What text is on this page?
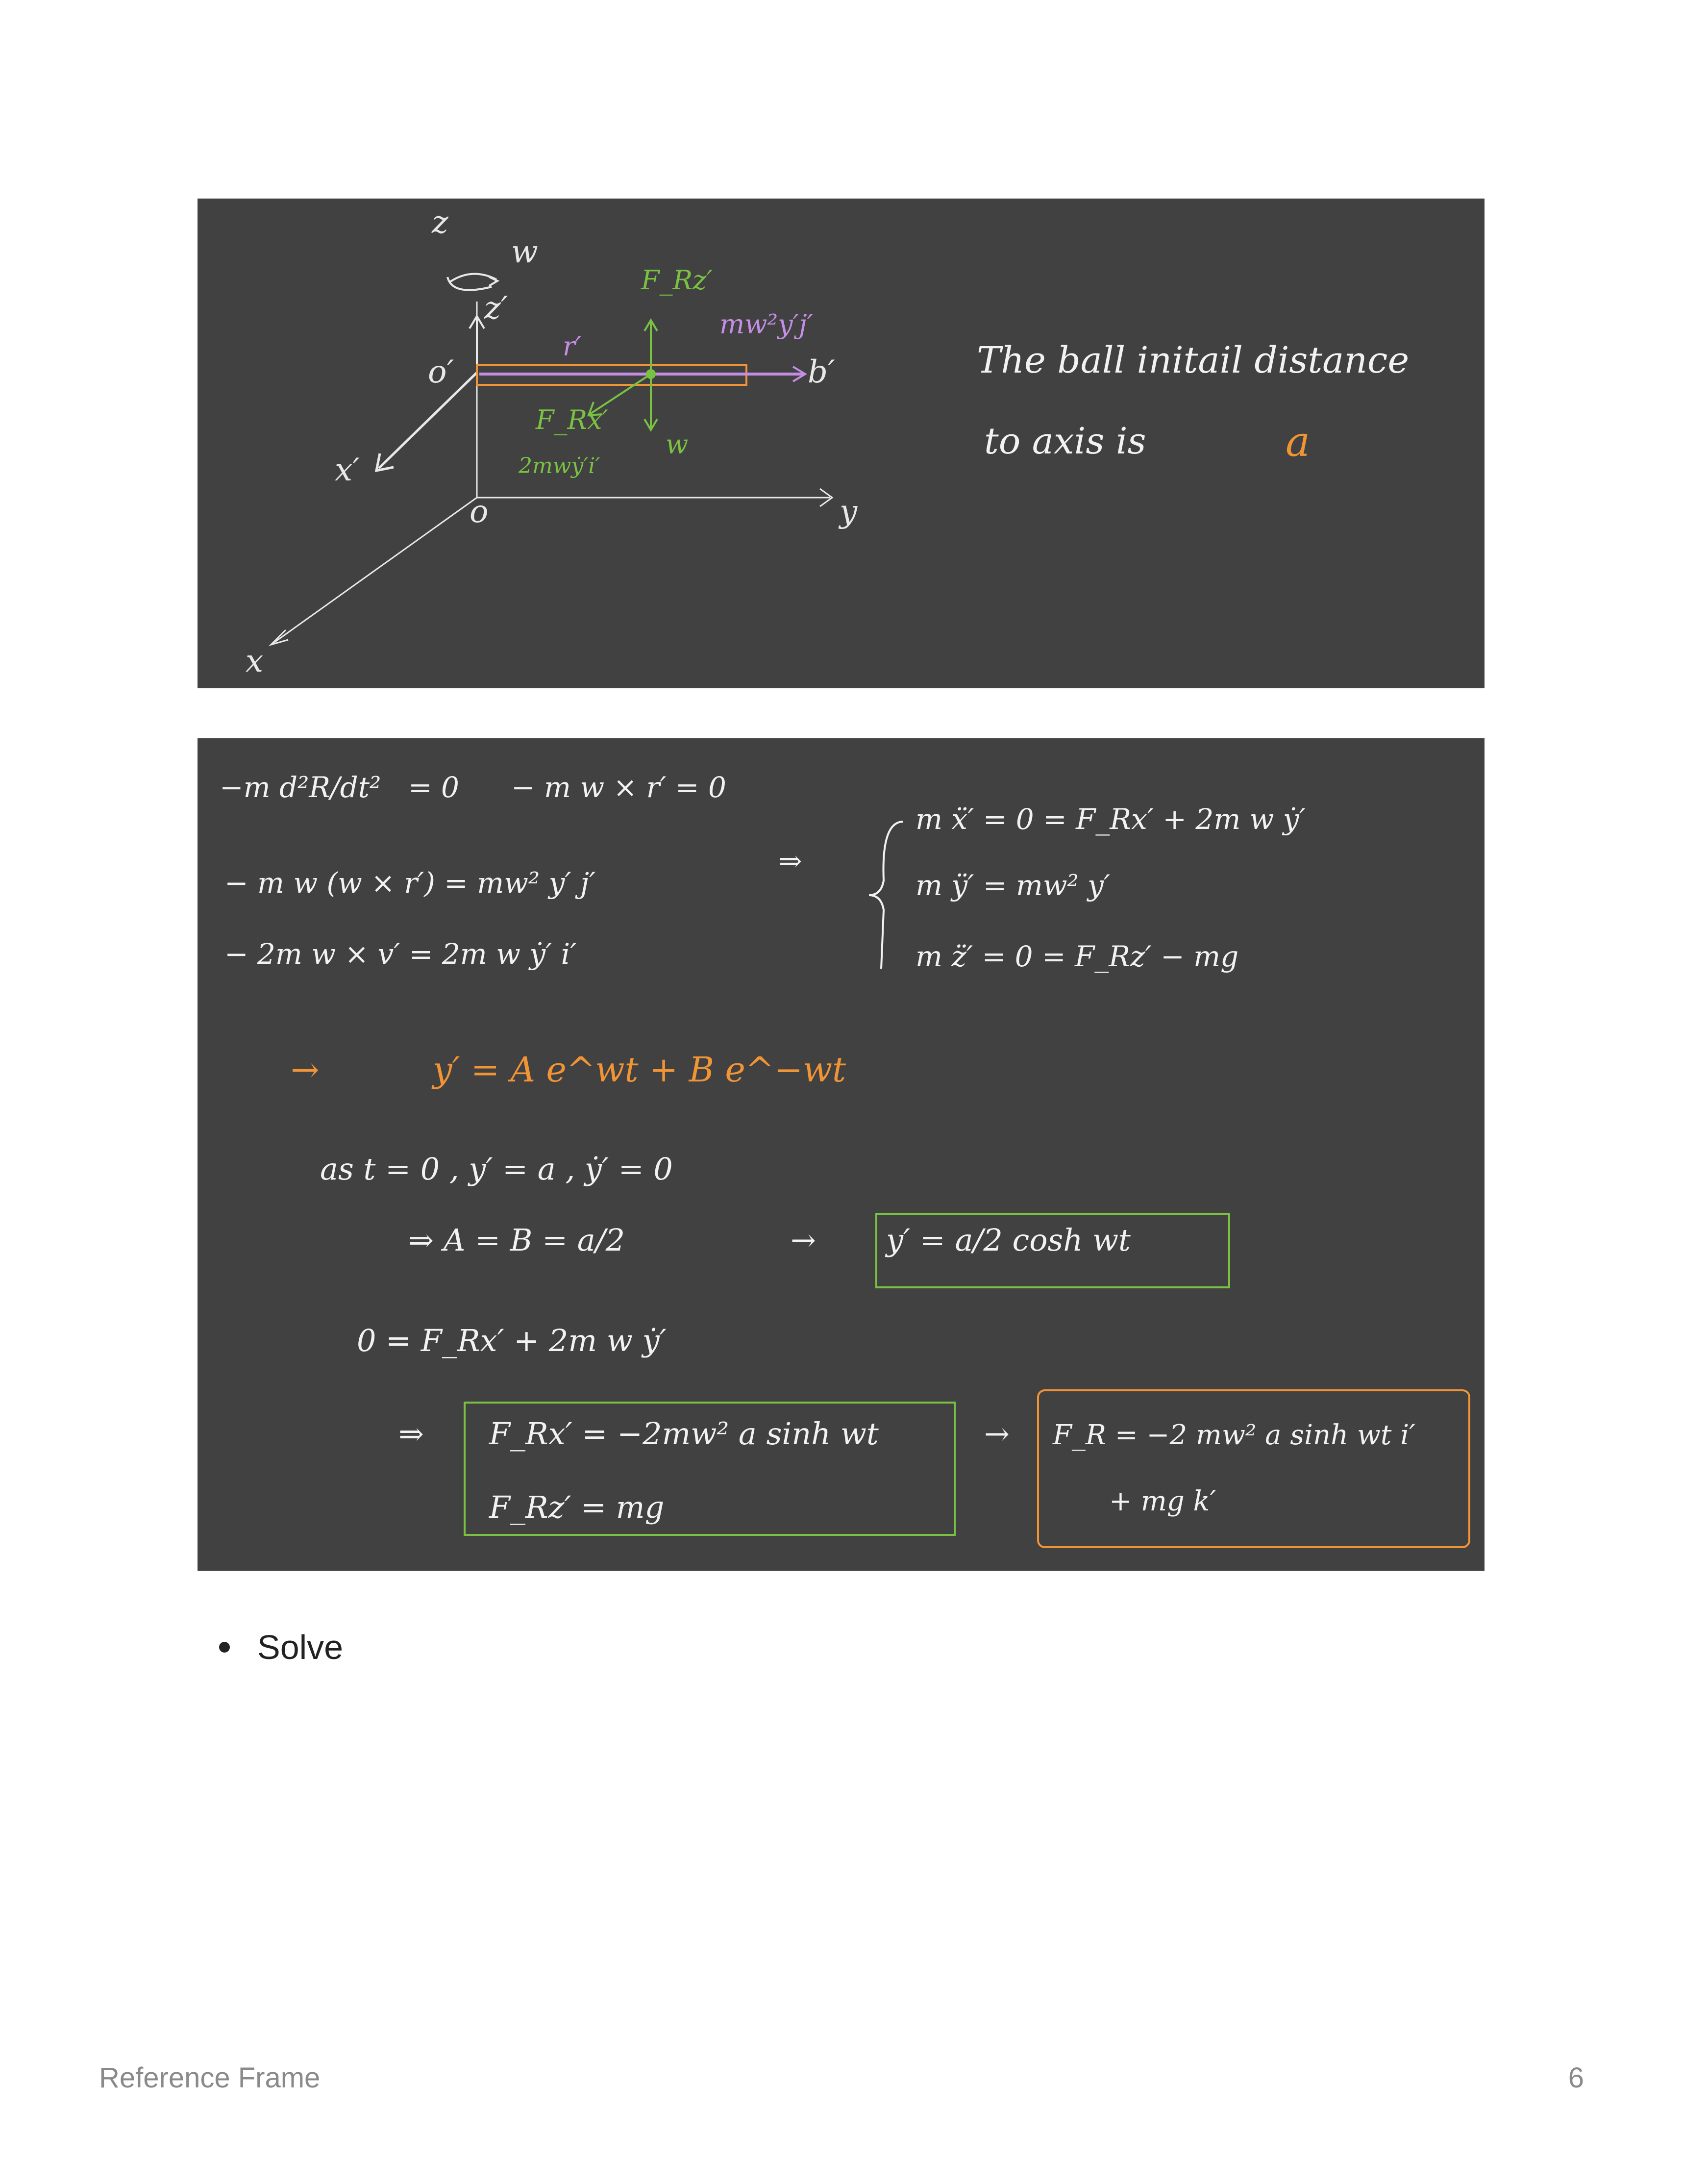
z
w
z′
o′	b′
x′
o	y
x
F_Rz′
mw²y′j′
r′
F_Rx′
2mwẏ′i′
w
The ball initail distance
to axis is	a
−m d²R/dt² = 0 − m w × r′ = 0
− m w (w × r′) = mw² y′ j′
− 2m w × v′ = 2m w ẏ′ i′
⇒
m ẍ′ = 0 = F_Rx′ + 2m w ẏ′
m ÿ′ = mw² y′
m z̈′ = 0 = F_Rz′ − mg
→	y′ = A e^wt + B e^−wt
as t = 0 , y′ = a , ẏ′ = 0
⇒ A = B = a/2	→ y′ = a/2 cosh wt
0 = F_Rx′ + 2m w ẏ′
⇒ F_Rx′ = −2mw² a sinh wt
F_Rz′ = mg
→ F_R = −2 mw² a sinh wt i′
+ mg k′
Solve
Reference Frame	6
